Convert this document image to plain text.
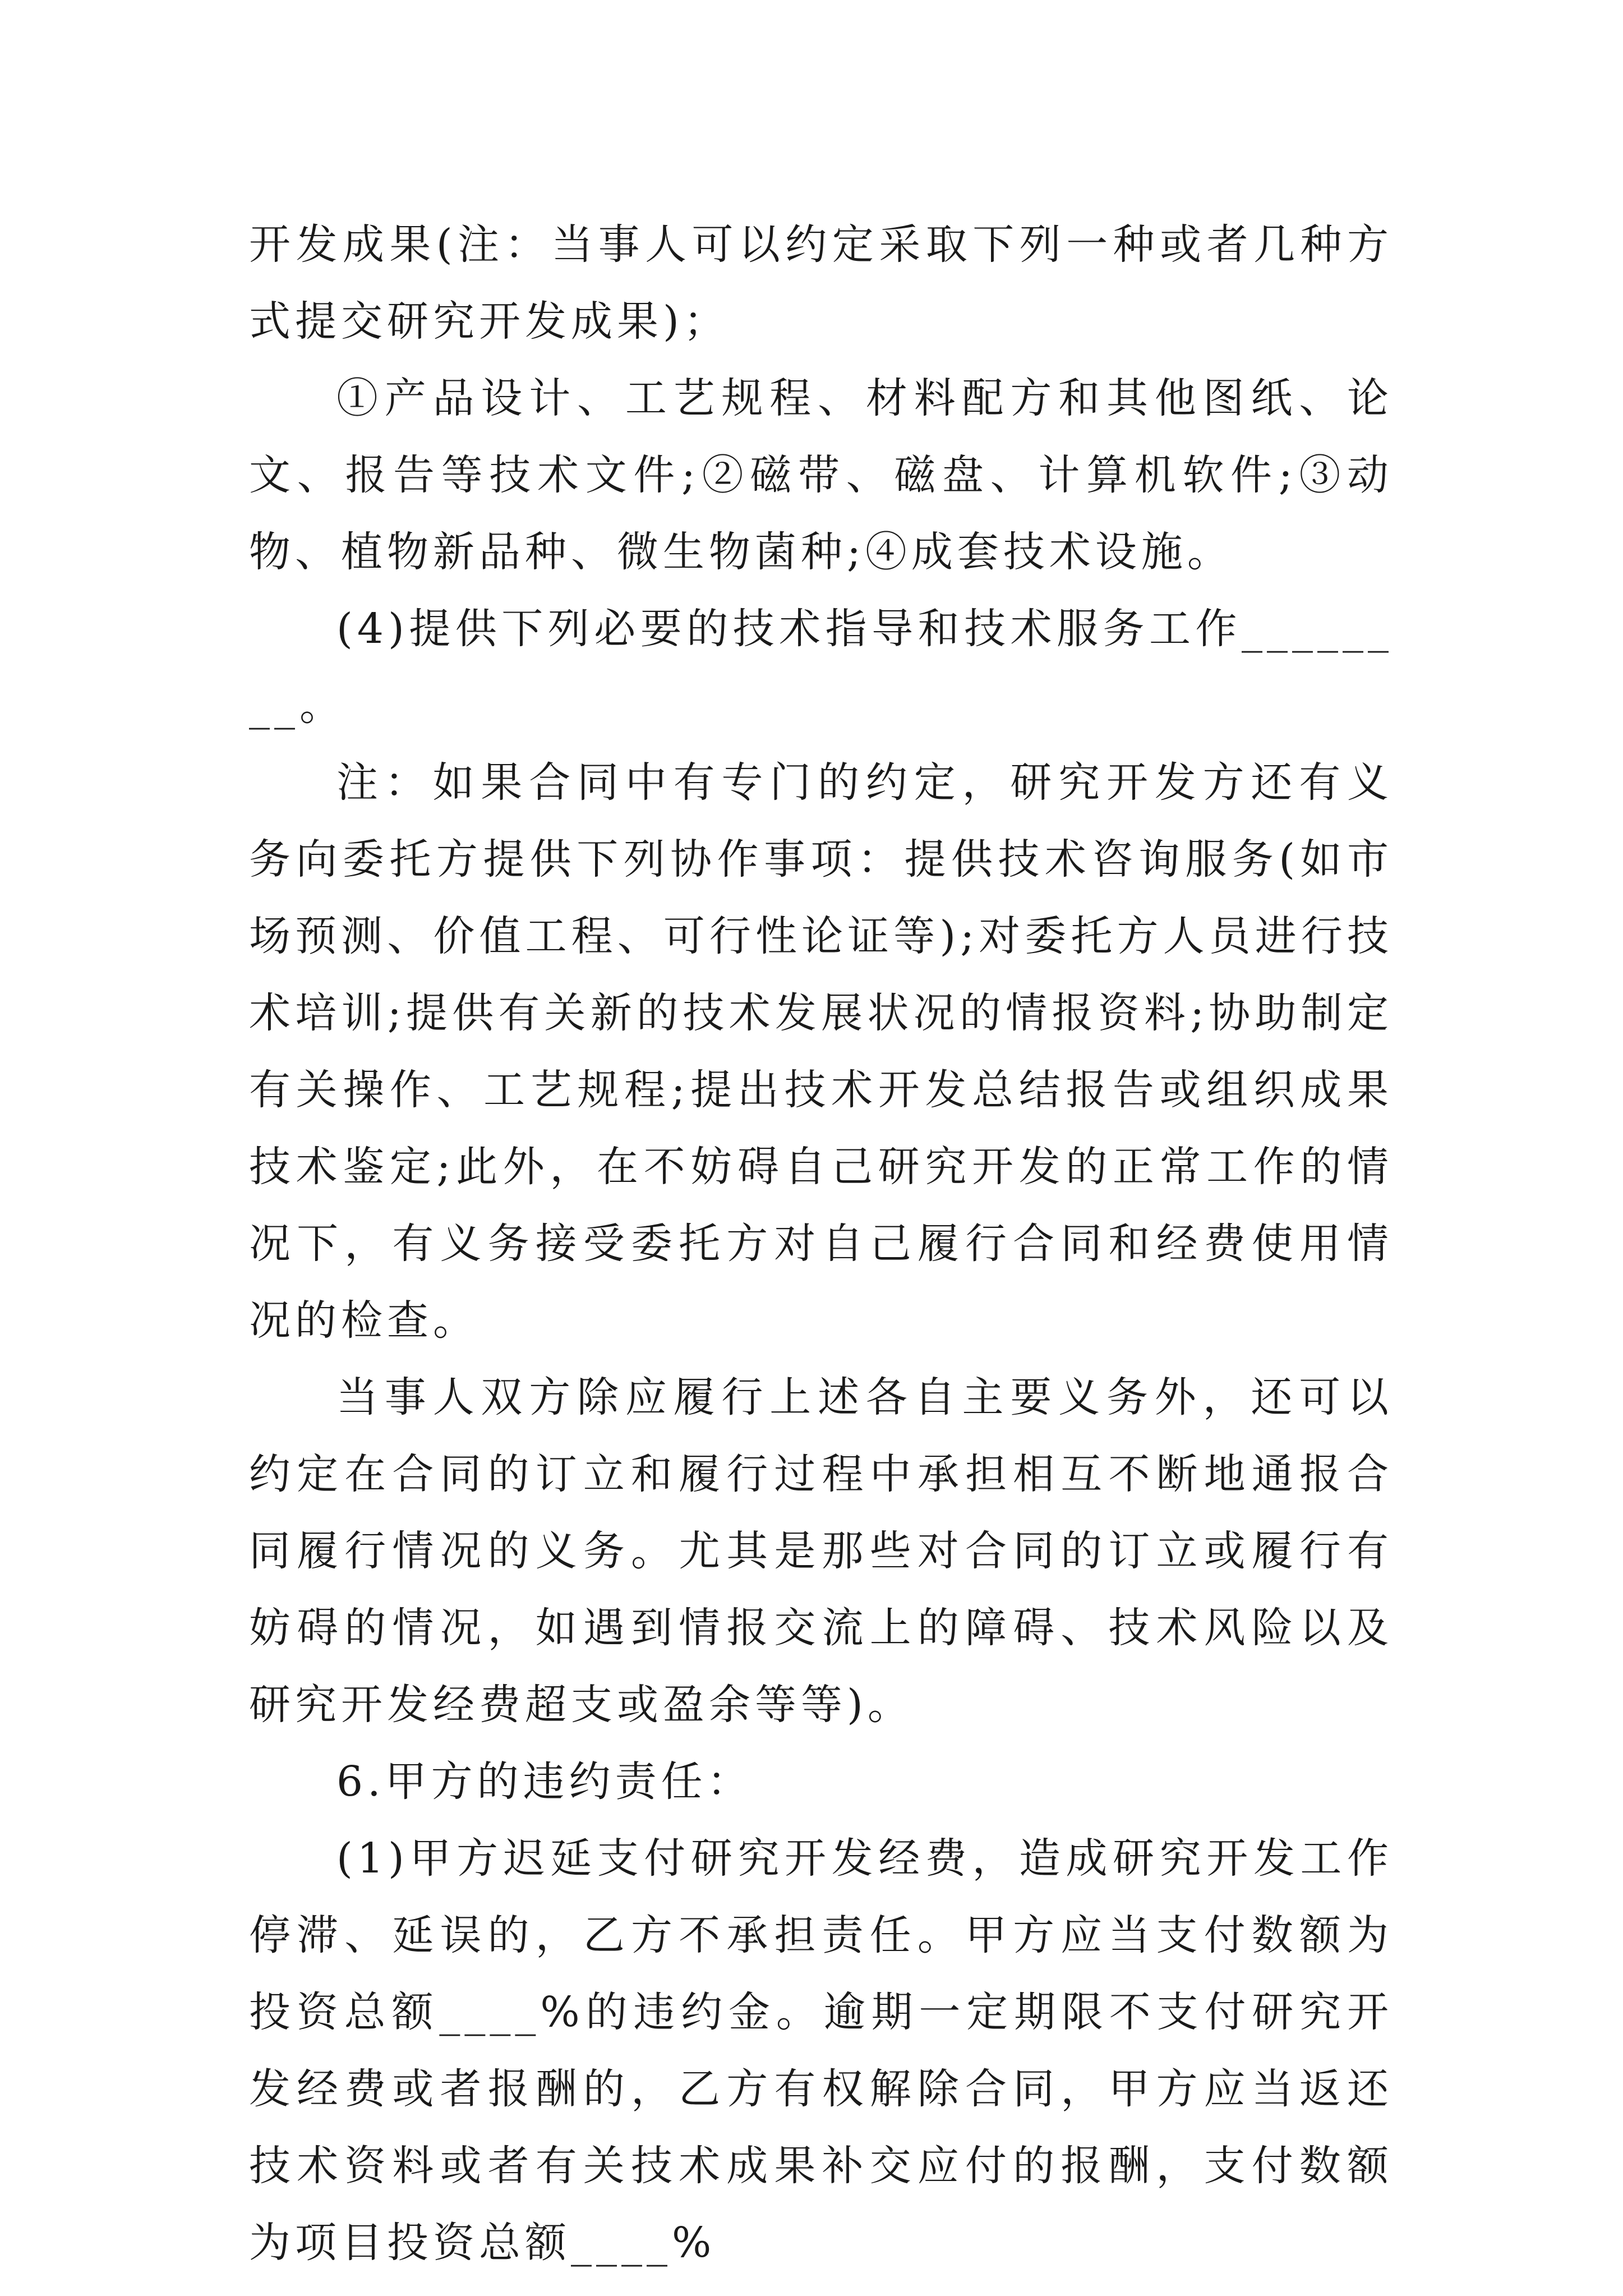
开发成果(注：当事人可以约定采取下列一种或者几种方式提交研究开发成果)；

①产品设计、工艺规程、材料配方和其他图纸、论文、报告等技术文件;②磁带、磁盘、计算机软件;③动物、植物新品种、微生物菌种;④成套技术设施。

(4)提供下列必要的技术指导和技术服务工作________。

注：如果合同中有专门的约定，研究开发方还有义务向委托方提供下列协作事项：提供技术咨询服务(如市场预测、价值工程、可行性论证等);对委托方人员进行技术培训;提供有关新的技术发展状况的情报资料;协助制定有关操作、工艺规程;提出技术开发总结报告或组织成果技术鉴定;此外，在不妨碍自己研究开发的正常工作的情况下，有义务接受委托方对自己履行合同和经费使用情况的检查。

当事人双方除应履行上述各自主要义务外，还可以约定在合同的订立和履行过程中承担相互不断地通报合同履行情况的义务。尤其是那些对合同的订立或履行有妨碍的情况，如遇到情报交流上的障碍、技术风险以及研究开发经费超支或盈余等等)。

6.甲方的违约责任：

(1)甲方迟延支付研究开发经费，造成研究开发工作停滞、延误的，乙方不承担责任。甲方应当支付数额为投资总额____%的违约金。逾期一定期限不支付研究开发经费或者报酬的，乙方有权解除合同，甲方应当返还技术资料或者有关技术成果补交应付的报酬，支付数额为项目投资总额____%
